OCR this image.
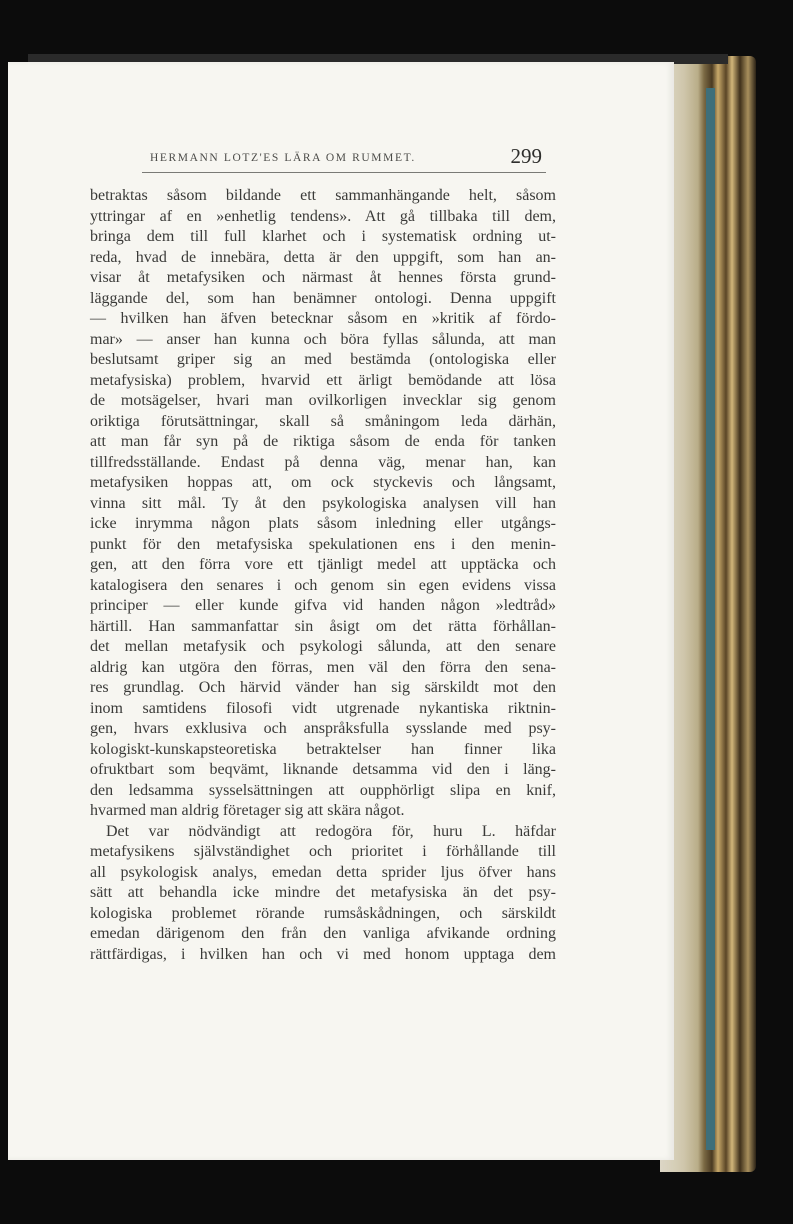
HERMANN LOTZ'ES LÄRA OM RUMMET.	299
betraktas såsom bildande ett sammanhängande helt, såsom
yttringar af en »enhetlig tendens». Att gå tillbaka till dem,
bringa dem till full klarhet och i systematisk ordning ut-
reda, hvad de innebära, detta är den uppgift, som han an-
visar åt metafysiken och närmast åt hennes första grund-
läggande del, som han benämner ontologi. Denna uppgift
— hvilken han äfven betecknar såsom en »kritik af fördo-
mar» — anser han kunna och böra fyllas sålunda, att man
beslutsamt griper sig an med bestämda (ontologiska eller
metafysiska) problem, hvarvid ett ärligt bemödande att lösa
de motsägelser, hvari man ovilkorligen invecklar sig genom
oriktiga förutsättningar, skall så småningom leda därhän,
att man får syn på de riktiga såsom de enda för tanken
tillfredsställande. Endast på denna väg, menar han, kan
metafysiken hoppas att, om ock styckevis och långsamt,
vinna sitt mål. Ty åt den psykologiska analysen vill han
icke inrymma någon plats såsom inledning eller utgångs-
punkt för den metafysiska spekulationen ens i den menin-
gen, att den förra vore ett tjänligt medel att upptäcka och
katalogisera den senares i och genom sin egen evidens vissa
principer — eller kunde gifva vid handen någon »ledtråd»
härtill. Han sammanfattar sin åsigt om det rätta förhållan-
det mellan metafysik och psykologi sålunda, att den senare
aldrig kan utgöra den förras, men väl den förra den sena-
res grundlag. Och härvid vänder han sig särskildt mot den
inom samtidens filosofi vidt utgrenade nykantiska riktnin-
gen, hvars exklusiva och anspråksfulla sysslande med psy-
kologiskt-kunskapsteoretiska betraktelser han finner lika
ofruktbart som beqvämt, liknande detsamma vid den i läng-
den ledsamma sysselsättningen att oupphörligt slipa en knif,
hvarmed man aldrig företager sig att skära något.
Det var nödvändigt att redogöra för, huru L. häfdar
metafysikens självständighet och prioritet i förhållande till
all psykologisk analys, emedan detta sprider ljus öfver hans
sätt att behandla icke mindre det metafysiska än det psy-
kologiska problemet rörande rumsåskådningen, och särskildt
emedan därigenom den från den vanliga afvikande ordning
rättfärdigas, i hvilken han och vi med honom upptaga dem
